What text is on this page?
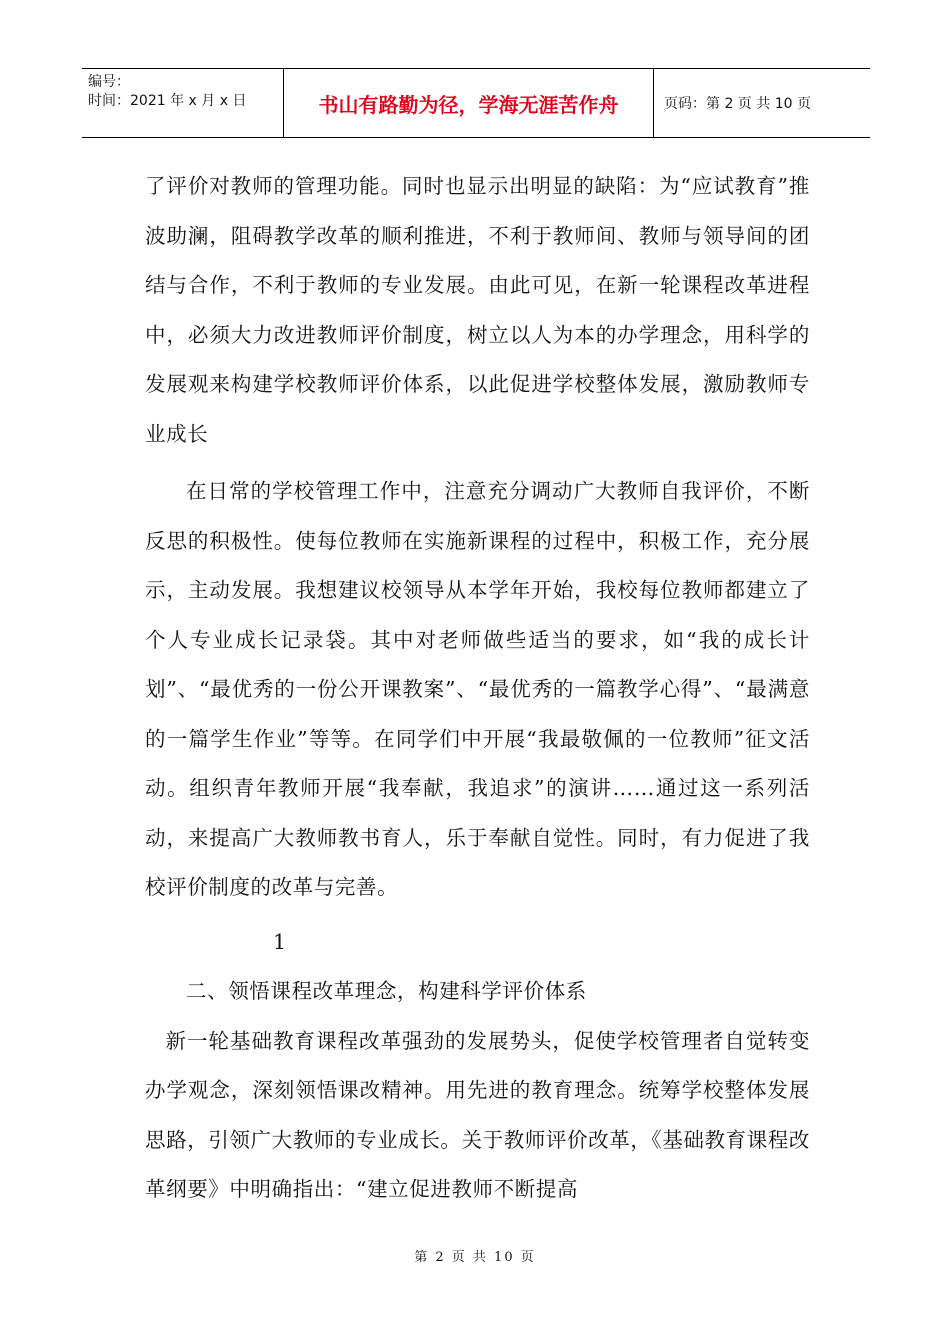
编号：
时间：2021 年 x 月 x 日	书山有路勤为径，学海无涯苦作舟	页码：第 2 页 共 10 页

了评价对教师的管理功能。同时也显示出明显的缺陷：为“应试教育”推波助澜，阻碍教学改革的顺利推进，不利于教师间、教师与领导间的团结与合作，不利于教师的专业发展。由此可见，在新一轮课程改革进程中，必须大力改进教师评价制度，树立以人为本的办学理念，用科学的发展观来构建学校教师评价体系，以此促进学校整体发展，激励教师专业成长

在日常的学校管理工作中，注意充分调动广大教师自我评价，不断反思的积极性。使每位教师在实施新课程的过程中，积极工作，充分展示，主动发展。我想建议校领导从本学年开始，我校每位教师都建立了个人专业成长记录袋。其中对老师做些适当的要求，如“我的成长计划”、“最优秀的一份公开课教案”、“最优秀的一篇教学心得”、“最满意的一篇学生作业”等等。在同学们中开展“我最敬佩的一位教师”征文活动。组织青年教师开展“我奉献，我追求”的演讲……通过这一系列活动，来提高广大教师教书育人，乐于奉献自觉性。同时，有力促进了我校评价制度的改革与完善。

1

二、领悟课程改革理念，构建科学评价体系

新一轮基础教育课程改革强劲的发展势头，促使学校管理者自觉转变办学观念，深刻领悟课改精神。用先进的教育理念。统筹学校整体发展思路，引领广大教师的专业成长。关于教师评价改革，《基础教育课程改革纲要》中明确指出：“建立促进教师不断提高

第 2 页 共 10 页
